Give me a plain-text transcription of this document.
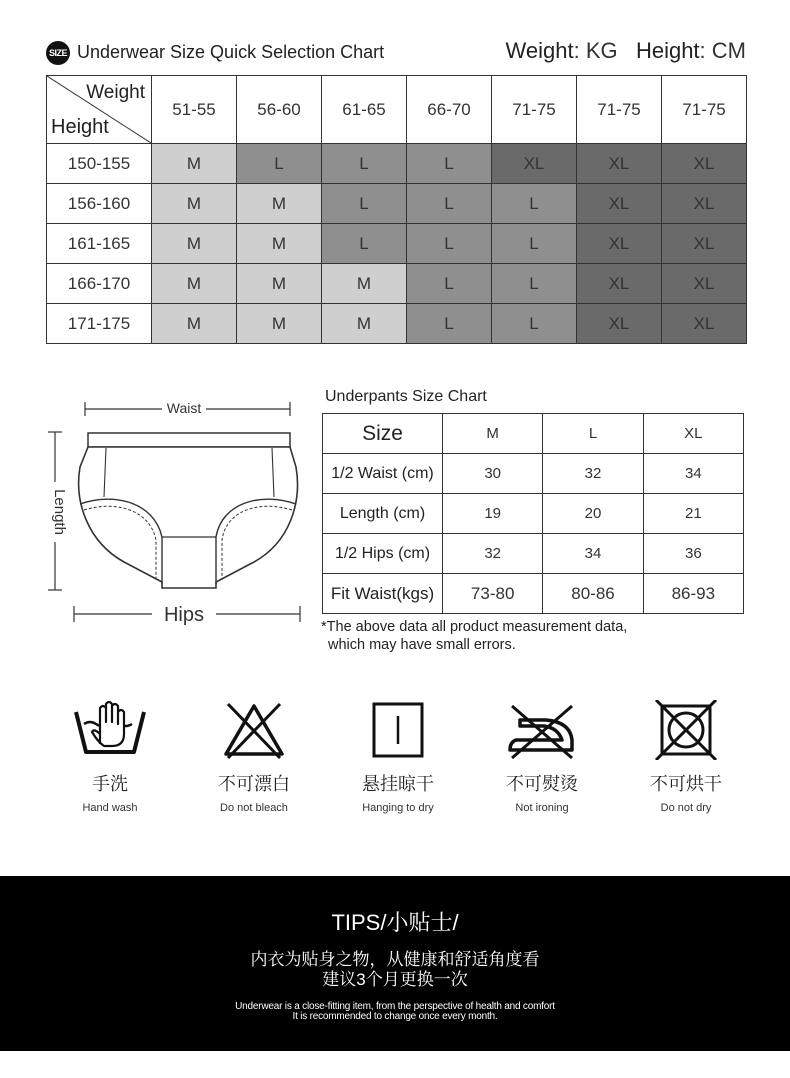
SIZE Underwear Size Quick Selection Chart	Weight: KG Height: CM
Weight
Height	51-55	56-60	61-65	66-70	71-75	71-75	71-75
150-155	M	L	L	L	XL	XL	XL
156-160	M	M	L	L	L	XL	XL
161-165	M	M	L	L	L	XL	XL
166-170	M	M	M	L	L	XL	XL
171-175	M	M	M	L	L	XL	XL
Waist
Length
Hips
Underpants Size Chart
Size	M	L	XL
1/2 Waist (cm)	30	32	34
Length (cm)	19	20	21
1/2 Hips (cm)	32	34	36
Fit Waist(kgs)	73-80	80-86	86-93
*The above data all product measurement data,
which may have small errors.
手洗
Hand wash
不可漂白
Do not bleach
悬挂晾干
Hanging to dry
不可熨烫
Not ironing
不可烘干
Do not dry
TIPS/小贴士/
内衣为贴身之物，从健康和舒适角度看
建议3个月更换一次
Underwear is a close-fitting item, from the perspective of health and comfort
It is recommended to change once every month.
